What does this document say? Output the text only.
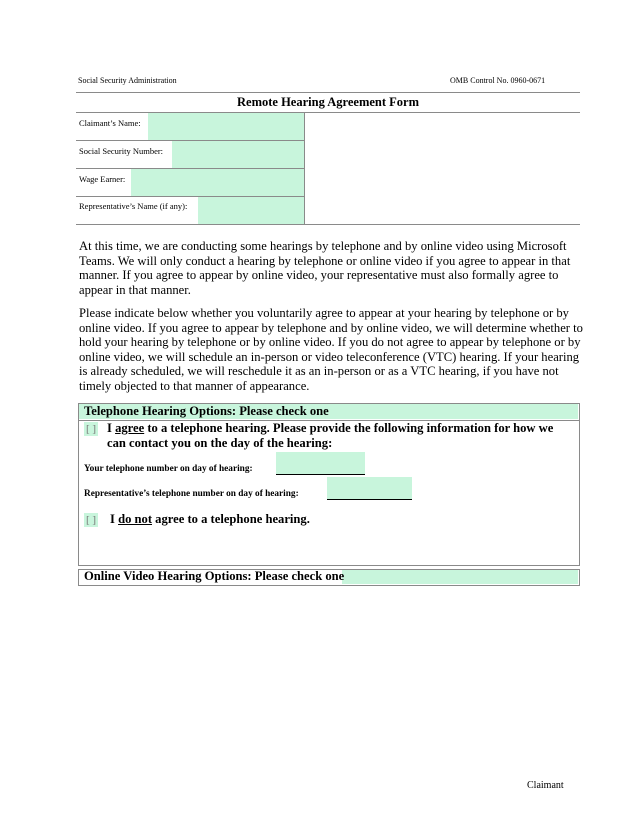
Social Security Administration	OMB Control No. 0960-0671
Remote Hearing Agreement Form
Claimant’s Name:
Social Security Number:
Wage Earner:
Representative’s Name (if any):
At this time, we are conducting some hearings by telephone and by online video using Microsoft Teams. We will only conduct a hearing by telephone or online video if you agree to appear in that manner. If you agree to appear by online video, your representative must also formally agree to appear in that manner.
Please indicate below whether you voluntarily agree to appear at your hearing by telephone or by online video. If you agree to appear by telephone and by online video, we will determine whether to hold your hearing by telephone or by online video. If you do not agree to appear by telephone or by online video, we will schedule an in-person or video teleconference (VTC) hearing. If your hearing is already scheduled, we will reschedule it as an in-person or as a VTC hearing, if you have not timely objected to that manner of appearance.
Telephone Hearing Options: Please check one
[ ] I agree to a telephone hearing. Please provide the following information for how we can contact you on the day of the hearing:
Your telephone number on day of hearing:
Representative’s telephone number on day of hearing:
[ ] I do not agree to a telephone hearing.
Online Video Hearing Options: Please check one
Claimant
